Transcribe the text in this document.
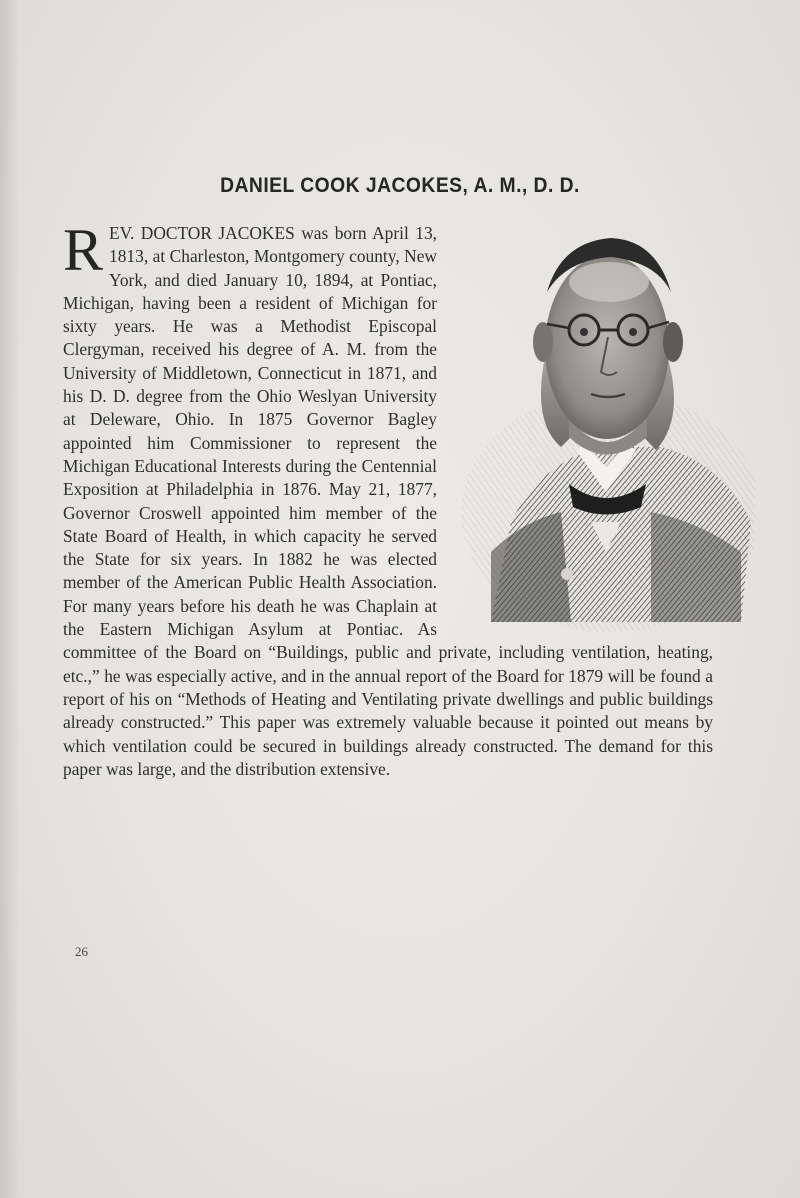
DANIEL COOK JACOKES, A. M., D. D.
REV. DOCTOR JACOKES was born April 13, 1813, at Charleston, Montgomery county, New York, and died January 10, 1894, at Pontiac, Michigan, having been a resident of Michigan for sixty years. He was a Methodist Episcopal Clergyman, received his degree of A. M. from the University of Middletown, Connecticut in 1871, and his D. D. degree from the Ohio Weslyan University at Deleware, Ohio. In 1875 Governor Bagley appointed him Commissioner to represent the Michigan Educational Interests during the Centennial Exposition at Philadelphia in 1876. May 21, 1877, Governor Croswell appointed him member of the State Board of Health, in which capacity he served the State for six years. In 1882 he was elected member of the American Public Health Association. For many years before his death he was Chaplain at the Eastern Michigan Asylum at Pontiac. As committee of the Board on “Buildings, public and private, including ventilation, heating, etc.,” he was especially active, and in the annual report of the Board for 1879 will be found a report of his on “Methods of Heating and Ventilating private dwellings and public buildings already constructed.” This paper was extremely valuable because it pointed out means by which ventilation could be secured in buildings already constructed. The demand for this paper was large, and the distribution extensive.
26
